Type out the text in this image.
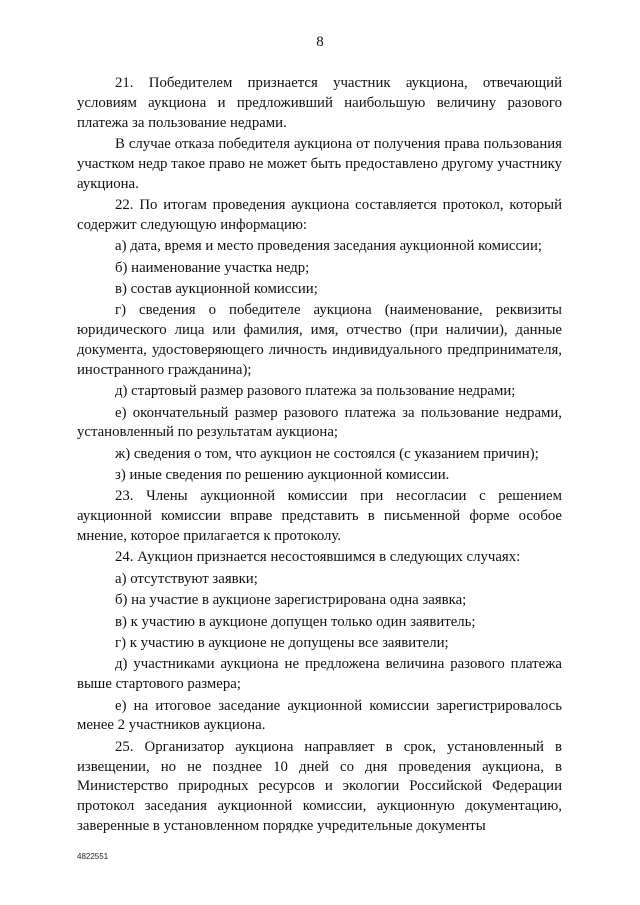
8

21. Победителем признается участник аукциона, отвечающий условиям аукциона и предложивший наибольшую величину разового платежа за пользование недрами.

В случае отказа победителя аукциона от получения права пользования участком недр такое право не может быть предоставлено другому участнику аукциона.

22. По итогам проведения аукциона составляется протокол, который содержит следующую информацию:

а) дата, время и место проведения заседания аукционной комиссии;

б) наименование участка недр;

в) состав аукционной комиссии;

г) сведения о победителе аукциона (наименование, реквизиты юридического лица или фамилия, имя, отчество (при наличии), данные документа, удостоверяющего личность индивидуального предпринимателя, иностранного гражданина);

д) стартовый размер разового платежа за пользование недрами;

е) окончательный размер разового платежа за пользование недрами, установленный по результатам аукциона;

ж) сведения о том, что аукцион не состоялся (с указанием причин);

з) иные сведения по решению аукционной комиссии.

23. Члены аукционной комиссии при несогласии с решением аукционной комиссии вправе представить в письменной форме особое мнение, которое прилагается к протоколу.

24. Аукцион признается несостоявшимся в следующих случаях:

а) отсутствуют заявки;

б) на участие в аукционе зарегистрирована одна заявка;

в) к участию в аукционе допущен только один заявитель;

г) к участию в аукционе не допущены все заявители;

д) участниками аукциона не предложена величина разового платежа выше стартового размера;

е) на итоговое заседание аукционной комиссии зарегистрировалось менее 2 участников аукциона.

25. Организатор аукциона направляет в срок, установленный в извещении, но не позднее 10 дней со дня проведения аукциона, в Министерство природных ресурсов и экологии Российской Федерации протокол заседания аукционной комиссии, аукционную документацию, заверенные в установленном порядке учредительные документы

4822551
